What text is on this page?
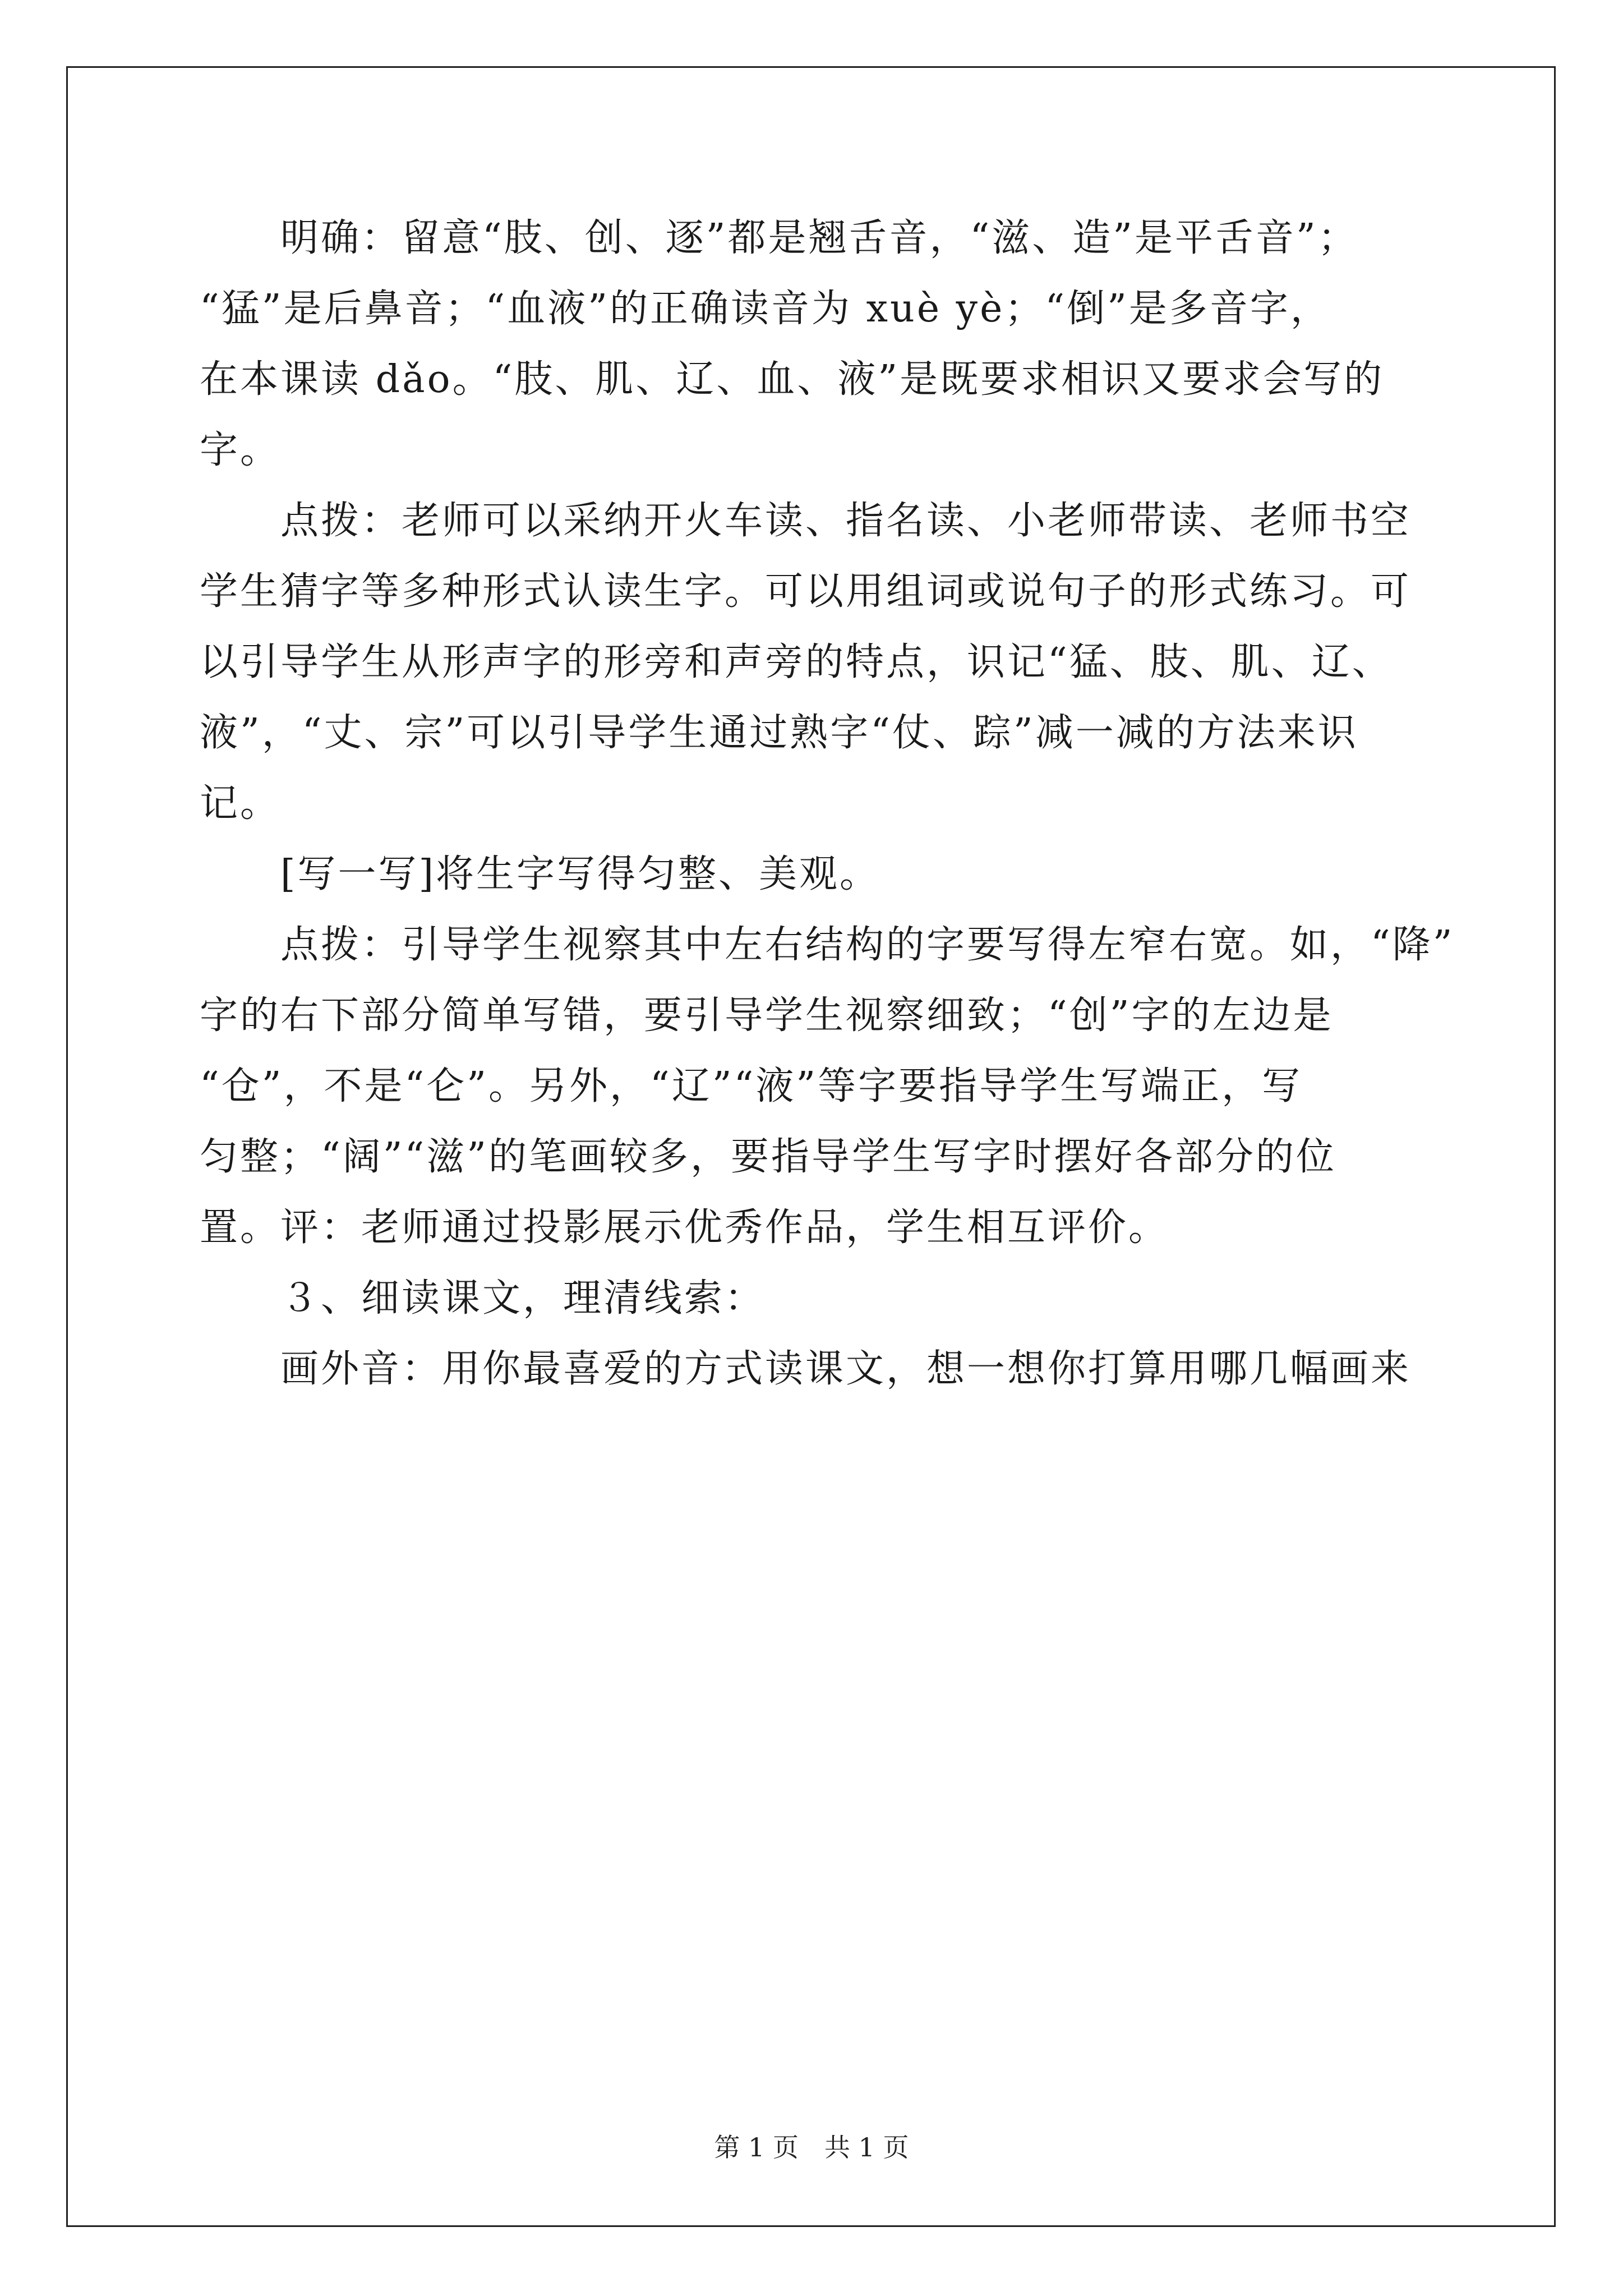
　　明确：留意“肢、创、逐”都是翘舌音，“滋、造”是平舌音”；
“猛”是后鼻音；“血液”的正确读音为 xuè yè；“倒”是多音字，
在本课读 dǎo。“肢、肌、辽、血、液”是既要求相识又要求会写的
字。
　　点拨：老师可以采纳开火车读、指名读、小老师带读、老师书空
学生猜字等多种形式认读生字。可以用组词或说句子的形式练习。可
以引导学生从形声字的形旁和声旁的特点，识记“猛、肢、肌、辽、
液”，“丈、宗”可以引导学生通过熟字“仗、踪”减一减的方法来识
记。
　　[写一写]将生字写得匀整、美观。
　　点拨：引导学生视察其中左右结构的字要写得左窄右宽。如，“降”
字的右下部分简单写错，要引导学生视察细致；“创”字的左边是
“仓”，不是“仑”。另外，“辽”“液”等字要指导学生写端正，写
匀整；“阔”“滋”的笔画较多，要指导学生写字时摆好各部分的位
置。评：老师通过投影展示优秀作品，学生相互评价。
　　３、细读课文，理清线索：
　　画外音：用你最喜爱的方式读课文，想一想你打算用哪几幅画来
第 1 页　共 1 页
